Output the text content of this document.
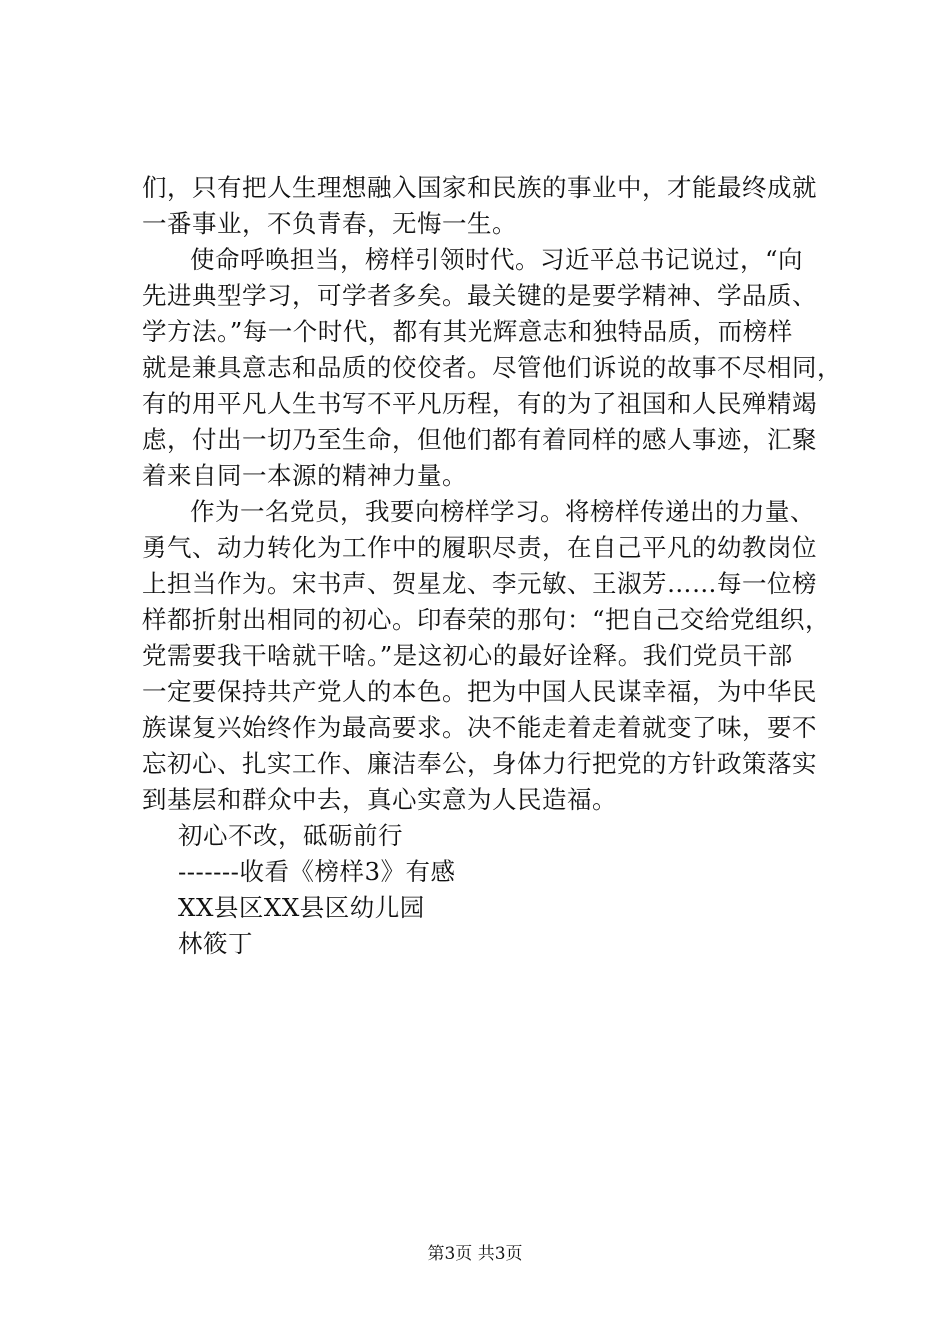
们，只有把人生理想融入国家和民族的事业中，才能最终成就
一番事业，不负青春，无悔一生。
使命呼唤担当，榜样引领时代。习近平总书记说过，“向
先进典型学习，可学者多矣。最关键的是要学精神、学品质、
学方法。”每一个时代，都有其光辉意志和独特品质，而榜样
就是兼具意志和品质的佼佼者。尽管他们诉说的故事不尽相同，
有的用平凡人生书写不平凡历程，有的为了祖国和人民殚精竭
虑，付出一切乃至生命，但他们都有着同样的感人事迹，汇聚
着来自同一本源的精神力量。
作为一名党员，我要向榜样学习。将榜样传递出的力量、
勇气、动力转化为工作中的履职尽责，在自己平凡的幼教岗位
上担当作为。宋书声、贺星龙、李元敏、王淑芳……每一位榜
样都折射出相同的初心。印春荣的那句：“把自己交给党组织，
党需要我干啥就干啥。”是这初心的最好诠释。我们党员干部
一定要保持共产党人的本色。把为中国人民谋幸福，为中华民
族谋复兴始终作为最高要求。决不能走着走着就变了味，要不
忘初心、扎实工作、廉洁奉公，身体力行把党的方针政策落实
到基层和群众中去，真心实意为人民造福。
初心不改，砥砺前行
-------收看《榜样3》有感
XX县区XX县区幼儿园
林筱丁
第3页 共3页
